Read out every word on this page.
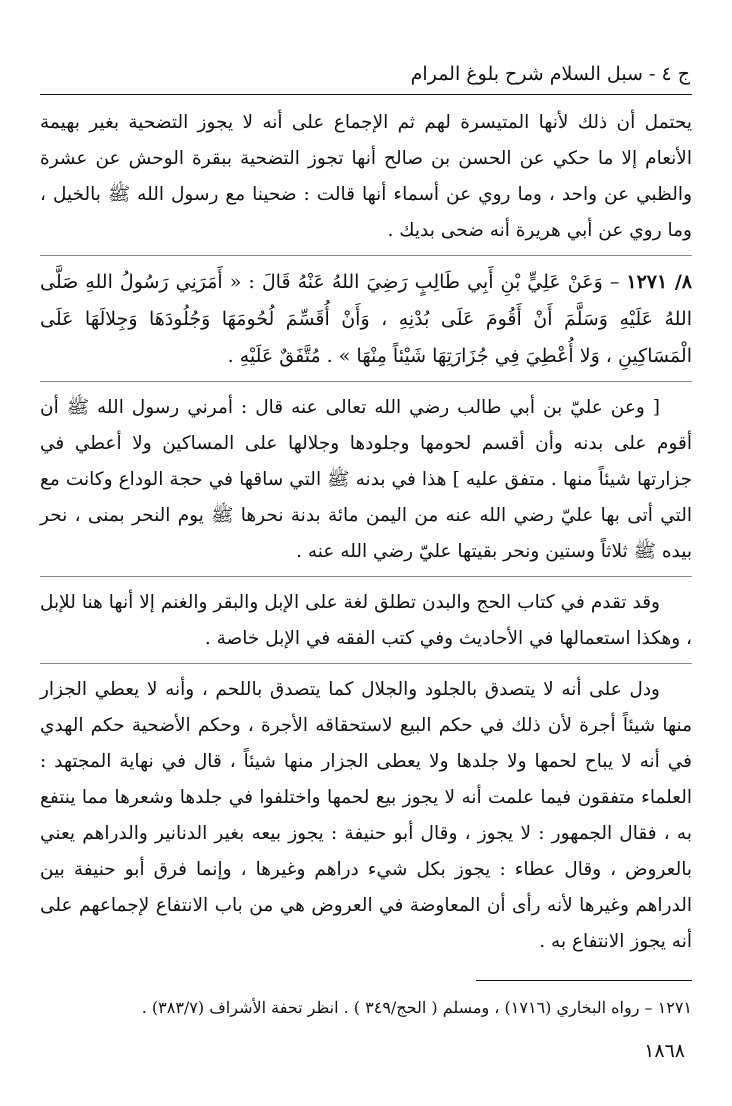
ج ٤ - سبل السلام شرح بلوغ المرام

يحتمل أن ذلك لأنها المتيسرة لهم ثم الإجماع على أنه لا يجوز التضحية بغير بهيمة الأنعام إلا ما حكي عن الحسن بن صالح أنها تجوز التضحية ببقرة الوحش عن عشرة والظبي عن واحد ، وما روي عن أسماء أنها قالت : ضحينا مع رسول الله ﷺ بالخيل ، وما روي عن أبي هريرة أنه ضحى بديك .

٨/ ١٢٧١ – وَعَنْ عَلِيٍّ بْنِ أَبِي طَالِبٍ رَضِيَ اللهُ عَنْهُ قَالَ : « أَمَرَنِي رَسُولُ اللهِ صَلَّى اللهُ عَلَيْهِ وَسَلَّمَ أَنْ أَقُومَ عَلَى بُدْنِهِ ، وَأَنْ أُقَسِّمَ لُحُومَهَا وَجُلُودَهَا وَجِلالَهَا عَلَى الْمَسَاكِينِ ، وَلا أُعْطِيَ فِي جُزَارَتِهَا شَيْئاً مِنْهَا » . مُتَّفَقٌ عَلَيْهِ .

[ وعن عليّ بن أبي طالب رضي الله تعالى عنه قال : أمرني رسول الله ﷺ أن أقوم على بدنه وأن أقسم لحومها وجلودها وجلالها على المساكين ولا أعطي في جزارتها شيئاً منها . متفق عليه ] هذا في بدنه ﷺ التي ساقها في حجة الوداع وكانت مع التي أتى بها عليّ رضي الله عنه من اليمن مائة بدنة نحرها ﷺ يوم النحر بمنى ، نحر بيده ﷺ ثلاثاً وستين ونحر بقيتها عليّ رضي الله عنه .

وقد تقدم في كتاب الحج والبدن تطلق لغة على الإبل والبقر والغنم إلا أنها هنا للإبل ، وهكذا استعمالها في الأحاديث وفي كتب الفقه في الإبل خاصة .

ودل على أنه لا يتصدق بالجلود والجلال كما يتصدق باللحم ، وأنه لا يعطي الجزار منها شيئاً أجرة لأن ذلك في حكم البيع لاستحقاقه الأجرة ، وحكم الأضحية حكم الهدي في أنه لا يباح لحمها ولا جلدها ولا يعطى الجزار منها شيئاً ، قال في نهاية المجتهد : العلماء متفقون فيما علمت أنه لا يجوز بيع لحمها واختلفوا في جلدها وشعرها مما ينتفع به ، فقال الجمهور : لا يجوز ، وقال أبو حنيفة : يجوز بيعه بغير الدنانير والدراهم يعني بالعروض ، وقال عطاء : يجوز بكل شيء دراهم وغيرها ، وإنما فرق أبو حنيفة بين الدراهم وغيرها لأنه رأى أن المعاوضة في العروض هي من باب الانتفاع لإجماعهم على أنه يجوز الانتفاع به .

١٢٧١ – رواه البخاري (١٧١٦) ، ومسلم ( الحج/٣٤٩ ) . انظر تحفة الأشراف (٣٨٣/٧) .

١٨٦٨
